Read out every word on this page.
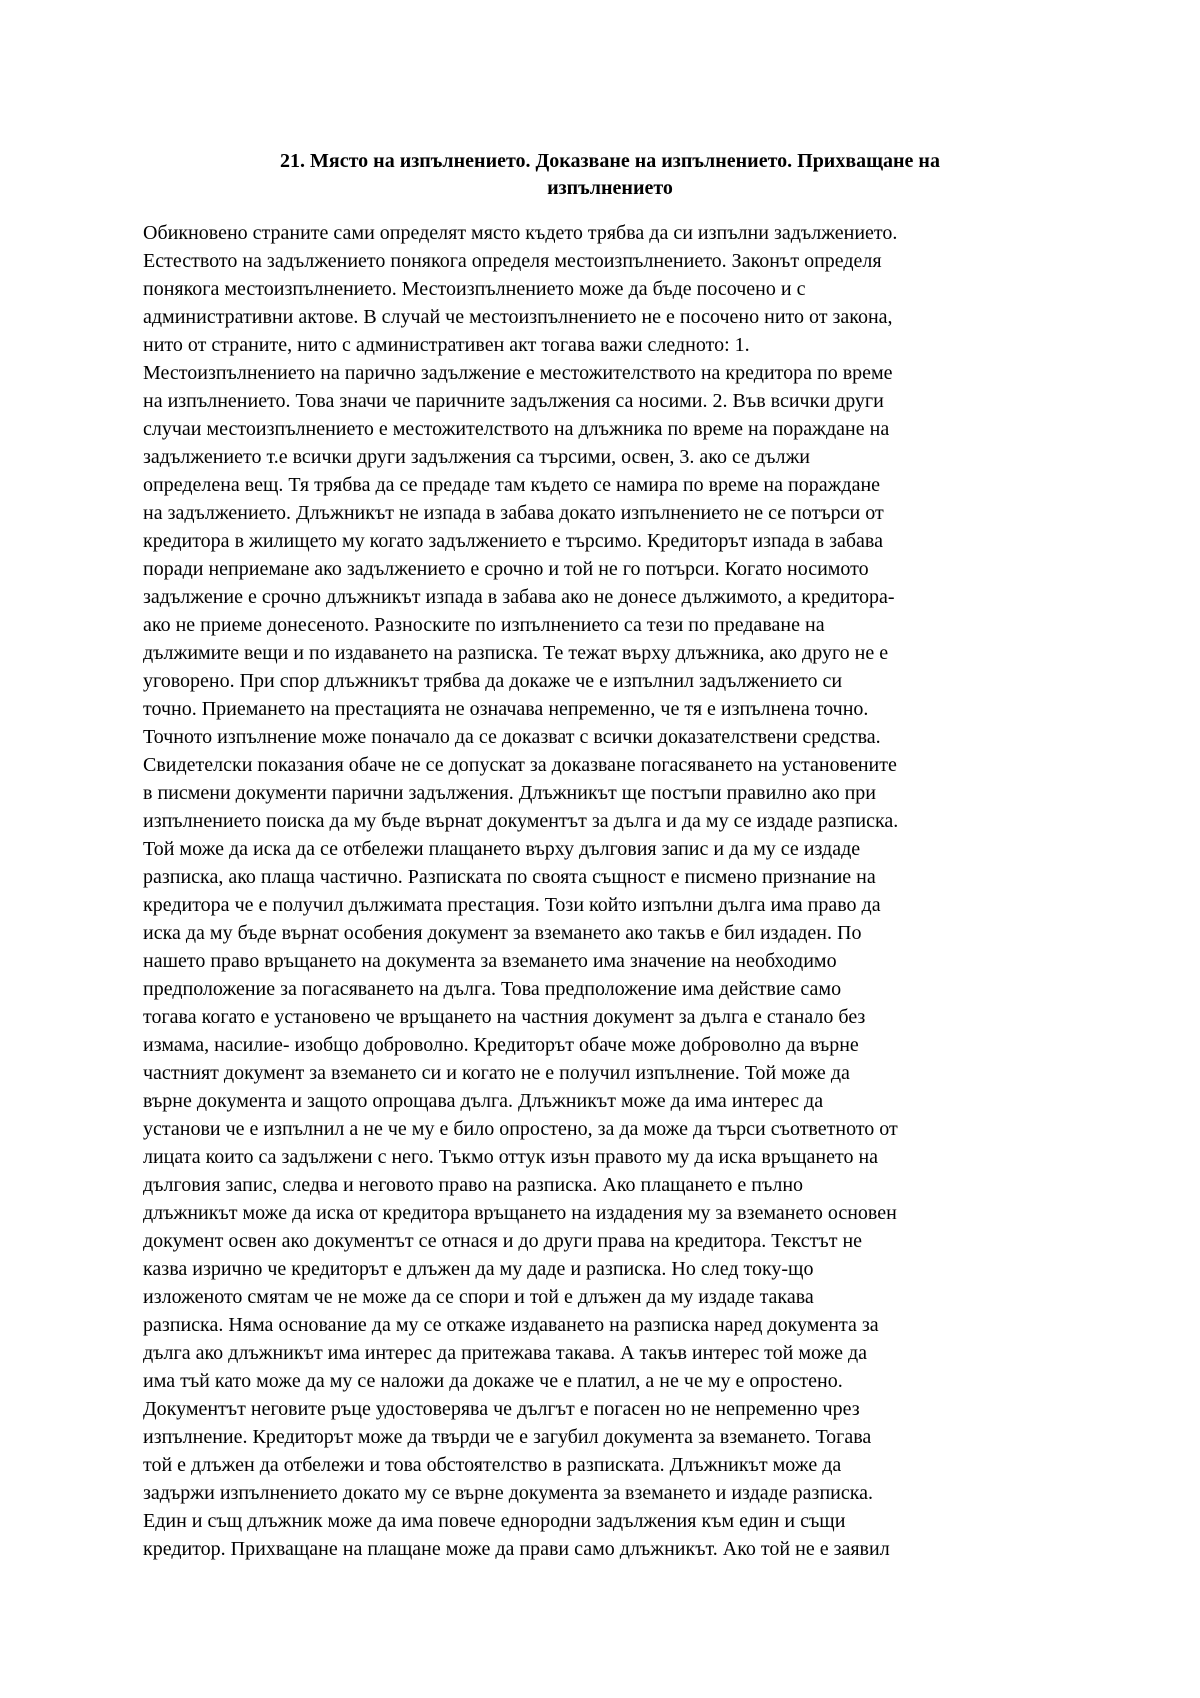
21. Място на изпълнението. Доказване на изпълнението. Прихващане на
изпълнението
Обикновено страните сами определят място където трябва да си изпълни задължението.
Естеството на задължението понякога определя местоизпълнението. Законът определя
понякога местоизпълнението. Местоизпълнението може да бъде посочено и с
административни актове. В случай че местоизпълнението не е посочено нито от закона,
нито от страните, нито с административен акт тогава важи следното: 1.
Местоизпълнението на парично задължение е местожителството на кредитора по време
на изпълнението. Това значи че паричните задължения са носими. 2. Във всички други
случаи местоизпълнението е местожителството на длъжника по време на пораждане на
задължението т.е всички други задължения са търсими, освен, 3. ако се дължи
определена вещ. Тя трябва да се предаде там където се намира по време на пораждане
на задължението. Длъжникът не изпада в забава докато изпълнението не се потърси от
кредитора в жилището му когато задължението е търсимо. Кредиторът изпада в забава
поради неприемане ако задължението е срочно и той не го потърси. Когато носимото
задължение е срочно длъжникът изпада в забава ако не донесе дължимото, а кредитора-
ако не приеме донесеното. Разноските по изпълнението са тези по предаване на
дължимите вещи и по издаването на разписка. Те тежат върху длъжника, ако друго не е
уговорено. При спор длъжникът трябва да докаже че е изпълнил задължението си
точно. Приемането на престацията не означава непременно, че тя е изпълнена точно.
Точното изпълнение може поначало да се доказват с всички доказателствени средства.
Свидетелски показания обаче не се допускат за доказване погасяването на установените
в писмени документи парични задължения. Длъжникът ще постъпи правилно ако при
изпълнението поиска да му бъде върнат документът за дълга и да му се издаде разписка.
Той може да иска да се отбележи плащането върху дълговия запис и да му се издаде
разписка, ако плаща частично. Разписката по своята същност е писмено признание на
кредитора че е получил дължимата престация. Този който изпълни дълга има право да
иска да му бъде върнат особения документ за вземането ако такъв е бил издаден. По
нашето право връщането на документа за вземането има значение на необходимо
предположение за погасяването на дълга. Това предположение има действие само
тогава когато е установено че връщането на частния документ за дълга е станало без
измама, насилие- изобщо доброволно. Кредиторът обаче може доброволно да върне
частният документ за вземането си и когато не е получил изпълнение. Той може да
върне документа и защото опрощава дълга. Длъжникът може да има интерес да
установи че е изпълнил а не че му е било опростено, за да може да търси съответното от
лицата които са задължени с него. Тъкмо оттук изън правото му да иска връщането на
дълговия запис, следва и неговото право на разписка. Ако плащането е пълно
длъжникът може да иска от кредитора връщането на издадения му за вземането основен
документ освен ако документът се отнася и до други права на кредитора. Текстът не
казва изрично че кредиторът е длъжен да му даде и разписка. Но след току-що
изложеното смятам че не може да се спори и той е длъжен да му издаде такава
разписка. Няма основание да му се откаже издаването на разписка наред документа за
дълга ако длъжникът има интерес да притежава такава. А такъв интерес той може да
има тъй като може да му се наложи да докаже че е платил, а не че му е опростено.
Документът неговите ръце удостоверява че дългът е погасен но не непременно чрез
изпълнение. Кредиторът може да твърди че е загубил документа за вземането. Тогава
той е длъжен да отбележи и това обстоятелство в разписката. Длъжникът може да
задържи изпълнението докато му се върне документа за вземането и издаде разписка.
Един и същ длъжник може да има повече еднородни задължения към един и същи
кредитор. Прихващане на плащане може да прави само длъжникът. Ако той не е заявил
